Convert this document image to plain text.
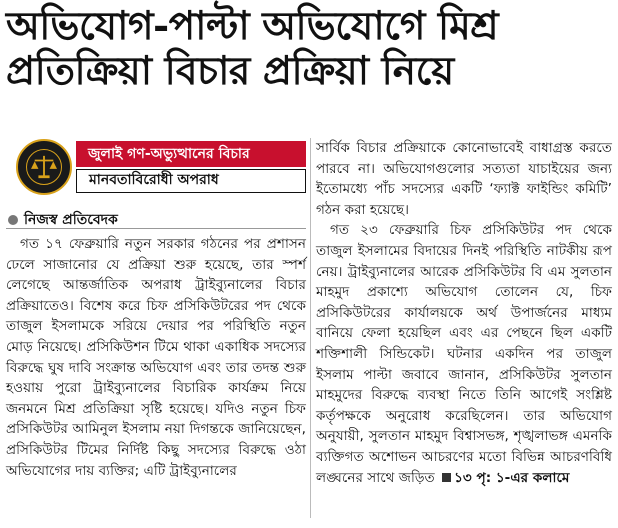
অভিযোগ-পাল্টা অভিযোগে মিশ্র
প্রতিক্রিয়া বিচার প্রক্রিয়া নিয়ে
জুলাই গণ-অভ্যুত্থানের বিচার
মানবতাবিরোধী অপরাধ
নিজস্ব প্রতিবেদক

গত ১৭ ফেব্রুয়ারি নতুন সরকার গঠনের পর প্রশাসন ঢেলে সাজানোর যে প্রক্রিয়া শুরু হয়েছে, তার স্পর্শ লেগেছে আন্তর্জাতিক অপরাধ ট্রাইব্যুনালের বিচার প্রক্রিয়াতেও। বিশেষ করে চিফ প্রসিকিউটরের পদ থেকে তাজুল ইসলামকে সরিয়ে দেয়ার পর পরিস্থিতি নতুন মোড় নিয়েছে। প্রসিকিউশন টিমে থাকা একাধিক সদস্যের বিরুদ্ধে ঘুষ দাবি সংক্রান্ত অভিযোগ এবং তার তদন্ত শুরু হওয়ায় পুরো ট্রাইব্যুনালের বিচারিক কার্যক্রম নিয়ে জনমনে মিশ্র প্রতিক্রিয়া সৃষ্টি হয়েছে। যদিও নতুন চিফ প্রসিকিউটর আমিনুল ইসলাম নয়া দিগন্তকে জানিয়েছেন, প্রসিকিউটর টিমের নির্দিষ্ট কিছু সদস্যের বিরুদ্ধে ওঠা অভিযোগের দায় ব্যক্তির; এটি ট্রাইব্যুনালের

সার্বিক বিচার প্রক্রিয়াকে কোনোভাবেই বাধাগ্রস্ত করতে পারবে না। অভিযোগগুলোর সত্যতা যাচাইয়ের জন্য ইতোমধ্যে পাঁচ সদস্যের একটি ‘ফ্যাক্ট ফাইন্ডিং কমিটি’ গঠন করা হয়েছে।

গত ২৩ ফেব্রুয়ারি চিফ প্রসিকিউটর পদ থেকে তাজুল ইসলামের বিদায়ের দিনই পরিস্থিতি নাটকীয় রূপ নেয়। ট্রাইব্যুনালের আরেক প্রসিকিউটর বি এম সুলতান মাহমুদ প্রকাশ্যে অভিযোগ তোলেন যে, চিফ প্রসিকিউটরের কার্যালয়কে অর্থ উপার্জনের মাধ্যম বানিয়ে ফেলা হয়েছিল এবং এর পেছনে ছিল একটি শক্তিশালী সিন্ডিকেট। ঘটনার একদিন পর তাজুল ইসলাম পাল্টা জবাবে জানান, প্রসিকিউটর সুলতান মাহমুদের বিরুদ্ধে ব্যবস্থা নিতে তিনি আগেই সংশ্লিষ্ট কর্তৃপক্ষকে অনুরোধ করেছিলেন। তার অভিযোগ অনুযায়ী, সুলতান মাহমুদ বিশ্বাসভঙ্গ, শৃঙ্খলাভঙ্গ এমনকি ব্যক্তিগত অশোভন আচরণের মতো বিভিন্ন আচরণবিধি লঙ্ঘনের সাথে জড়িত ১৩ পৃ: ১-এর কলামে
